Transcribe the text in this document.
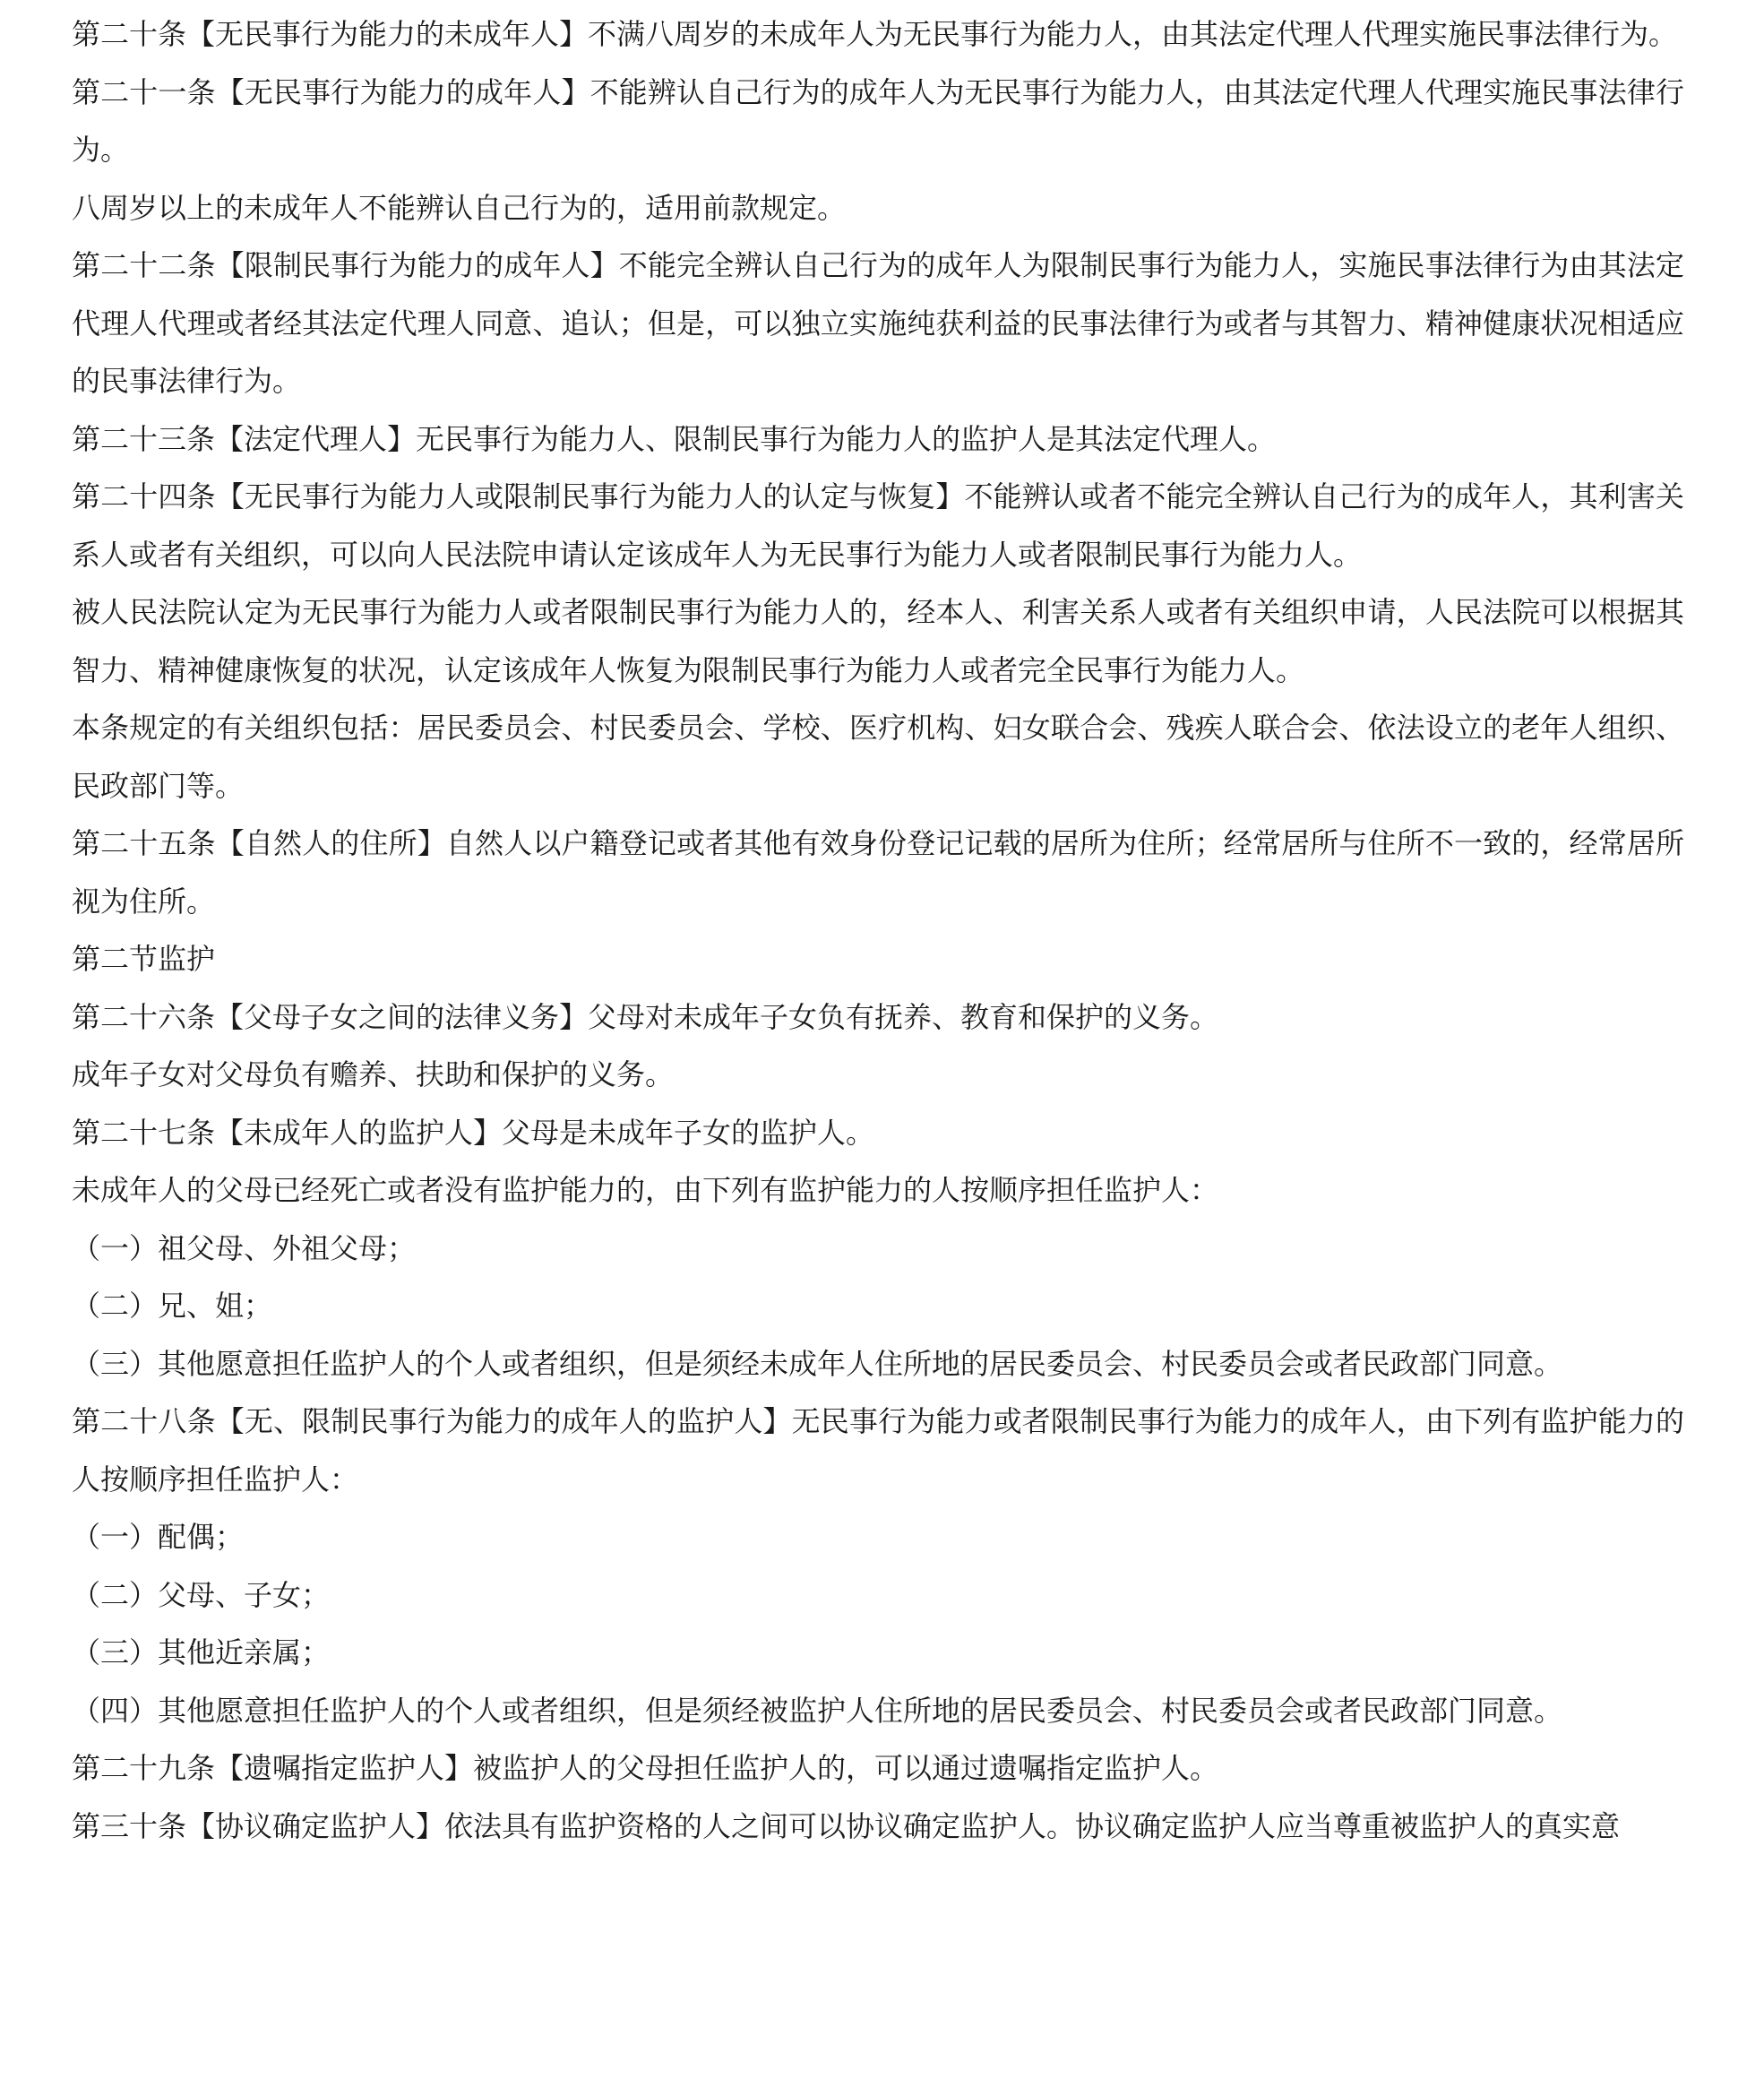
第二十条【无民事行为能力的未成年人】不满八周岁的未成年人为无民事行为能力人，由其法定代理人代理实施民事法律行为。

第二十一条【无民事行为能力的成年人】不能辨认自己行为的成年人为无民事行为能力人，由其法定代理人代理实施民事法律行为。

八周岁以上的未成年人不能辨认自己行为的，适用前款规定。

第二十二条【限制民事行为能力的成年人】不能完全辨认自己行为的成年人为限制民事行为能力人，实施民事法律行为由其法定代理人代理或者经其法定代理人同意、追认；但是，可以独立实施纯获利益的民事法律行为或者与其智力、精神健康状况相适应的民事法律行为。

第二十三条【法定代理人】无民事行为能力人、限制民事行为能力人的监护人是其法定代理人。

第二十四条【无民事行为能力人或限制民事行为能力人的认定与恢复】不能辨认或者不能完全辨认自己行为的成年人，其利害关系人或者有关组织，可以向人民法院申请认定该成年人为无民事行为能力人或者限制民事行为能力人。

被人民法院认定为无民事行为能力人或者限制民事行为能力人的，经本人、利害关系人或者有关组织申请，人民法院可以根据其智力、精神健康恢复的状况，认定该成年人恢复为限制民事行为能力人或者完全民事行为能力人。

本条规定的有关组织包括：居民委员会、村民委员会、学校、医疗机构、妇女联合会、残疾人联合会、依法设立的老年人组织、民政部门等。

第二十五条【自然人的住所】自然人以户籍登记或者其他有效身份登记记载的居所为住所；经常居所与住所不一致的，经常居所视为住所。

第二节监护

第二十六条【父母子女之间的法律义务】父母对未成年子女负有抚养、教育和保护的义务。

成年子女对父母负有赡养、扶助和保护的义务。

第二十七条【未成年人的监护人】父母是未成年子女的监护人。

未成年人的父母已经死亡或者没有监护能力的，由下列有监护能力的人按顺序担任监护人：

（一）祖父母、外祖父母；

（二）兄、姐；

（三）其他愿意担任监护人的个人或者组织，但是须经未成年人住所地的居民委员会、村民委员会或者民政部门同意。

第二十八条【无、限制民事行为能力的成年人的监护人】无民事行为能力或者限制民事行为能力的成年人，由下列有监护能力的人按顺序担任监护人：

（一）配偶；

（二）父母、子女；

（三）其他近亲属；

（四）其他愿意担任监护人的个人或者组织，但是须经被监护人住所地的居民委员会、村民委员会或者民政部门同意。

第二十九条【遗嘱指定监护人】被监护人的父母担任监护人的，可以通过遗嘱指定监护人。

第三十条【协议确定监护人】依法具有监护资格的人之间可以协议确定监护人。协议确定监护人应当尊重被监护人的真实意
